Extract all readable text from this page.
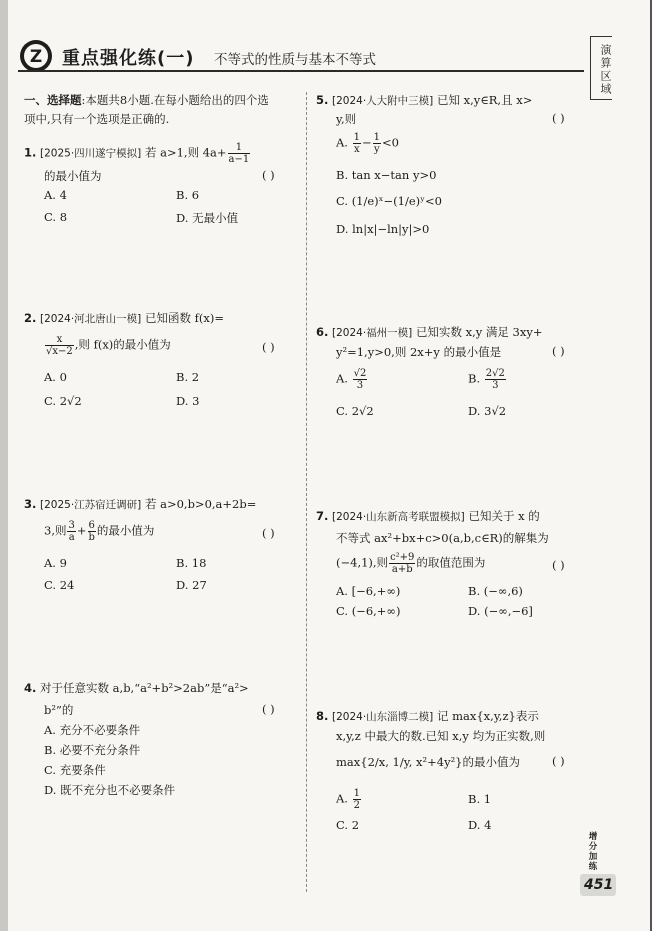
Z 重点强化练(一) 不等式的性质与基本不等式	演算区域
一、选择题:本题共8小题.在每小题给出的四个选
项中,只有一个选项是正确的.
1. [2025·四川遂宁模拟] 若 a>1,则 $4a+ \frac{1}{a-1}$
的最小值为	( )
A. 4	B. 6
C. 8	D. 无最小值
2. [2024·河北唐山一模] 已知函数 f(x)=
$\frac{x}{√x-2}$ ,则 f(x)的最小值为	( )
A. 0	B. 2
C. 2√2	D. 3
3. [2025·江苏宿迁调研] 若 a>0,b>0,a+2b=
3,则 $\frac{3}{a} + \frac{6}{b}$ 的最小值为	( )
A. 9	B. 18
C. 24	D. 27
4. 对于任意实数 a,b,“a²+b²>2ab”是“a²>
b²”的	( )
A. 充分不必要条件
B. 必要不充分条件
C. 充要条件
D. 既不充分也不必要条件
5. [2024·人大附中三模] 已知 x,y∈R,且 x>
y,则	( )
A. $\frac{1}{x} - \frac{1}{y} <0$
B. tan x−tan y>0
C. (1/e)ˣ−(1/e)ʸ<0
D. ln|x|−ln|y|>0
6. [2024·福州一模] 已知实数 x,y 满足 3xy+
y²=1,y>0,则 2x+y 的最小值是	( )
A. $\frac{√2}{3}$	B. $\frac{2√2}{3}$
C. 2√2	D. 3√2
7. [2024·山东新高考联盟模拟] 已知关于 x 的
不等式 ax²+bx+c>0(a,b,c∈R)的解集为
(−4,1),则 $\frac{\text{c²+9}}{a+b}$ 的取值范围为	( )
A. [−6,+∞)	B. (−∞,6)
C. (−6,+∞)	D. (−∞,−6]
8. [2024·山东淄博二模] 记 max{x,y,z}表示
x,y,z 中最大的数.已知 x,y 均为正实数,则
max{2/x, 1/y, x²+4y²}的最小值为	( )
A. $\frac{1}{2}$	B. 1
C. 2	D. 4
增分加练
451
